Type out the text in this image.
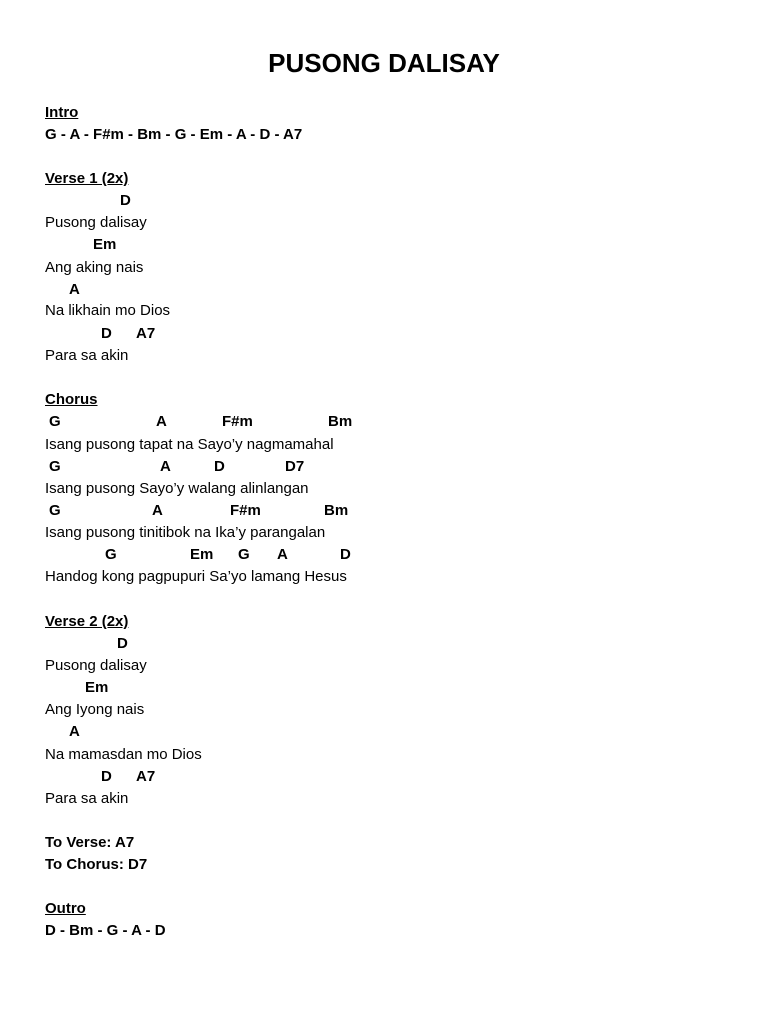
PUSONG DALISAY
Intro
G - A - F#m - Bm - G - Em - A - D - A7
Verse 1 (2x)
D
Pusong dalisay
Em
Ang aking nais
A
Na likhain mo Dios
D A7
Para sa akin
Chorus
G	A	F#m	Bm
Isang pusong tapat na Sayo’y nagmamahal
G	A	D	D7
Isang pusong Sayo’y walang alinlangan
G	A	F#m	Bm
Isang pusong tinitibok na Ika’y parangalan
G	Em G A	D
Handog kong pagpupuri Sa’yo lamang Hesus
Verse 2 (2x)
D
Pusong dalisay
Em
Ang Iyong nais
A
Na mamasdan mo Dios
D A7
Para sa akin
To Verse: A7
To Chorus: D7
Outro
D - Bm - G - A - D
